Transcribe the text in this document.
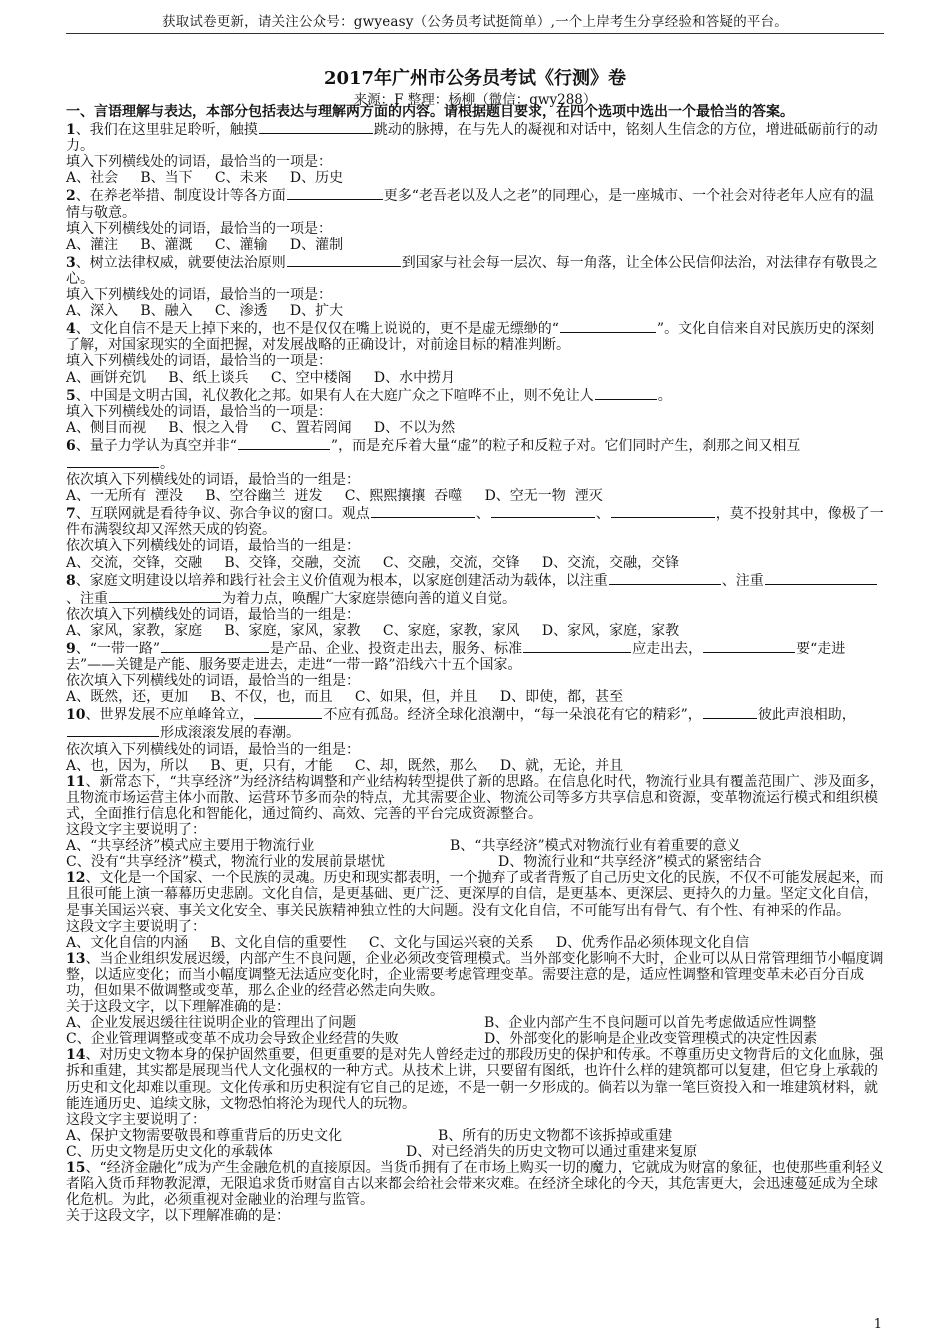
获取试卷更新，请关注公众号：gwyeasy（公务员考试挺简单）,一个上岸考生分享经验和答疑的平台。
2017年广州市公务员考试《行测》卷
来源：F 整理：杨柳（微信：gwy288）

一、言语理解与表达，本部分包括表达与理解两方面的内容。请根据题目要求，在四个选项中选出一个最恰当的答案。

1、我们在这里驻足聆听，触摸	跳动的脉搏，在与先人的凝视和对话中，铭刻人生信念的方位，增进砥砺前行的动力。

填入下列横线处的词语，最恰当的一项是：

A、社会     B、当下     C、未来     D、历史

2、在养老举措、制度设计等各方面	更多“老吾老以及人之老”的同理心，是一座城市、一个社会对待老年人应有的温情与敬意。

填入下列横线处的词语，最恰当的一项是：

A、灌注     B、灌溉     C、灌输     D、灌制

3、树立法律权威，就要使法治原则	到国家与社会每一层次、每一角落，让全体公民信仰法治，对法律存有敬畏之心。

填入下列横线处的词语，最恰当的一项是：

A、深入     B、融入     C、渗透     D、扩大

4、文化自信不是天上掉下来的，也不是仅仅在嘴上说说的，更不是虚无缥缈的“	”。文化自信来自对民族历史的深刻了解，对国家现实的全面把握，对发展战略的正确设计，对前途目标的精准判断。

填入下列横线处的词语，最恰当的一项是：

A、画饼充饥     B、纸上谈兵     C、空中楼阁     D、水中捞月

5、中国是文明古国，礼仪教化之邦。如果有人在大庭广众之下喧哗不止，则不免让人	。

填入下列横线处的词语，最恰当的一项是：

A、侧目而视     B、恨之入骨     C、置若罔闻     D、不以为然

6、量子力学认为真空并非“	”，而是充斥着大量“虚”的粒子和反粒子对。它们同时产生，刹那之间又相互。

依次填入下列横线处的词语，最恰当的一组是：

A、一无所有  湮没     B、空谷幽兰  迸发     C、熙熙攘攘  吞噬     D、空无一物  湮灭

7、互联网就是看待争议、弥合争议的窗口。观点	、	、	，莫不投射其中，像极了一件布满裂纹却又浑然天成的钧瓷。

依次填入下列横线处的词语，最恰当的一组是：

A、交流，交锋，交融     B、交锋，交融，交流     C、交融，交流，交锋     D、交流，交融，交锋

8、家庭文明建设以培养和践行社会主义价值观为根本，以家庭创建活动为载体，以注重	、注重、注重	为着力点，唤醒广大家庭崇德向善的道义自觉。

依次填入下列横线处的词语，最恰当的一组是：

A、家风，家教，家庭     B、家庭，家风，家教     C、家庭，家教，家风     D、家风，家庭，家教

9、“一带一路”	是产品、企业、投资走出去，服务、标准	应走出去，	要“走进去”——关键是产能、服务要走进去，走进“一带一路”沿线六十五个国家。

依次填入下列横线处的词语，最恰当的一组是：

A、既然，还，更加     B、不仅，也，而且     C、如果，但，并且     D、即使，都，甚至

10、世界发展不应单峰耸立，	不应有孤岛。经济全球化浪潮中，“每一朵浪花有它的精彩”，	彼此声浪相助，形成滚滚发展的春潮。

依次填入下列横线处的词语，最恰当的一组是：

A、也，因为，所以     B、更，只有，才能     C、却，既然，那么     D、就，无论，并且

11、新常态下，“共享经济”为经济结构调整和产业结构转型提供了新的思路。在信息化时代，物流行业具有覆盖范围广、涉及面多，且物流市场运营主体小而散、运营环节多而杂的特点，尤其需要企业、物流公司等多方共享信息和资源，变革物流运行模式和组织模式，全面推行信息化和智能化，通过简约、高效、完善的平台完成资源整合。

这段文字主要说明了：

A、“共享经济”模式应主要用于物流行业	B、“共享经济”模式对物流行业有着重要的意义

C、没有“共享经济”模式，物流行业的发展前景堪忧	D、物流行业和“共享经济”模式的紧密结合

12、文化是一个国家、一个民族的灵魂。历史和现实都表明，一个抛弃了或者背叛了自己历史文化的民族，不仅不可能发展起来，而且很可能上演一幕幕历史悲剧。文化自信，是更基础、更广泛、更深厚的自信，是更基本、更深层、更持久的力量。坚定文化自信，是事关国运兴衰、事关文化安全、事关民族精神独立性的大问题。没有文化自信，不可能写出有骨气、有个性、有神采的作品。

这段文字主要说明了：

A、文化自信的内涵     B、文化自信的重要性     C、文化与国运兴衰的关系     D、优秀作品必须体现文化自信

13、当企业组织发展迟缓，内部产生不良问题，企业必须改变管理模式。当外部变化影响不大时，企业可以从日常管理细节小幅度调整，以适应变化；而当小幅度调整无法适应变化时，企业需要考虑管理变革。需要注意的是，适应性调整和管理变革未必百分百成功，但如果不做调整或变革，那么企业的经营必然走向失败。

关于这段文字，以下理解准确的是：

A、企业发展迟缓往往说明企业的管理出了问题	B、企业内部产生不良问题可以首先考虑做适应性调整

C、企业管理调整或变革不成功会导致企业经营的失败	D、外部变化的影响是企业改变管理模式的决定性因素

14、对历史文物本身的保护固然重要，但更重要的是对先人曾经走过的那段历史的保护和传承。不尊重历史文物背后的文化血脉，强拆和重建，其实都是展现当代人文化强权的一种方式。从技术上讲，只要留有图纸，也许什么样的建筑都可以复建，但它身上承载的历史和文化却难以重现。文化传承和历史积淀有它自己的足迹，不是一朝一夕形成的。倘若以为靠一笔巨资投入和一堆建筑材料，就能连通历史、追续文脉，文物恐怕将沦为现代人的玩物。

这段文字主要说明了：

A、保护文物需要敬畏和尊重背后的历史文化	B、所有的历史文物都不该拆掉或重建

C、历史文物是历史文化的承载体	D、对已经消失的历史文物可以通过重建来复原

15、“经济金融化”成为产生金融危机的直接原因。当货币拥有了在市场上购买一切的魔力，它就成为财富的象征，也使那些重利轻义者陷入货币拜物教泥潭，无限追求货币财富自古以来都会给社会带来灾难。在经济全球化的今天，其危害更大，会迅速蔓延成为全球化危机。为此，必须重视对金融业的治理与监管。

关于这段文字，以下理解准确的是：

1
